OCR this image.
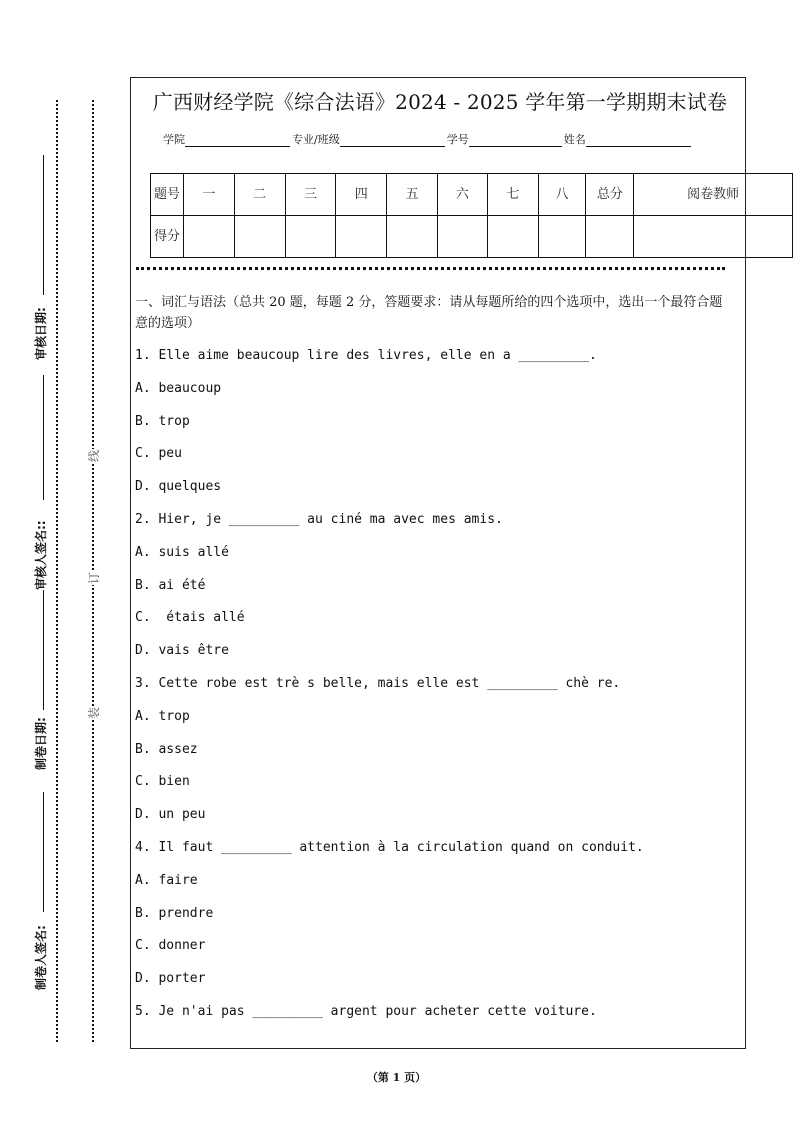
制卷人签名:
制卷日期:
审核人签名::
审核日期:
装
订
线
广西财经学院《综合法语》2024 - 2025 学年第一学期期末试卷
学院	专业/班级	学号	姓名
题号	一	二	三	四	五	六	七	八	总分	阅卷教师
得分										
一、词汇与语法（总共 20 题，每题 2 分，答题要求：请从每题所给的四个选项中，选出一个最符合题意的选项）
1. Elle aime beaucoup lire des livres, elle en a _________.
A. beaucoup
B. trop
C. peu
D. quelques
2. Hier, je _________ au ciné ma avec mes amis.
A. suis allé
B. ai été
C.  étais allé
D. vais être
3. Cette robe est trè s belle, mais elle est _________ chè re.
A. trop
B. assez
C. bien
D. un peu
4. Il faut _________ attention à la circulation quand on conduit.
A. faire
B. prendre
C. donner
D. porter
5. Je n'ai pas _________ argent pour acheter cette voiture.
（第 1 页）
